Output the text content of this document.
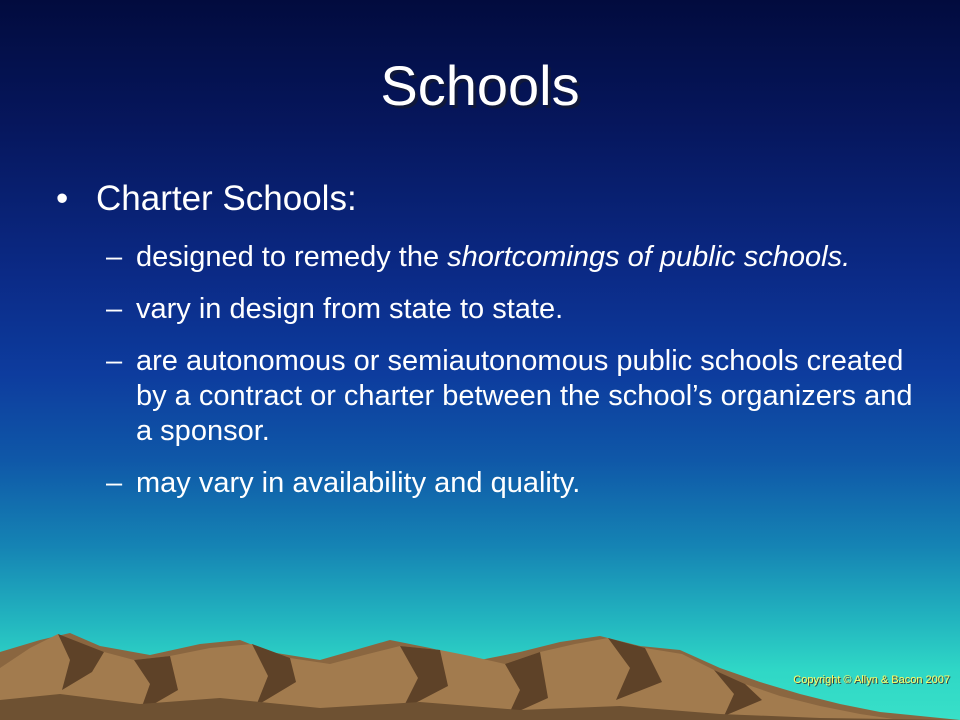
Schools
• Charter Schools:
– designed to remedy the shortcomings of public schools.
– vary in design from state to state.
– are autonomous or semiautonomous public schools created by a contract or charter between the school’s organizers and a sponsor.
– may vary in availability and quality.
Copyright © Allyn & Bacon 2007
